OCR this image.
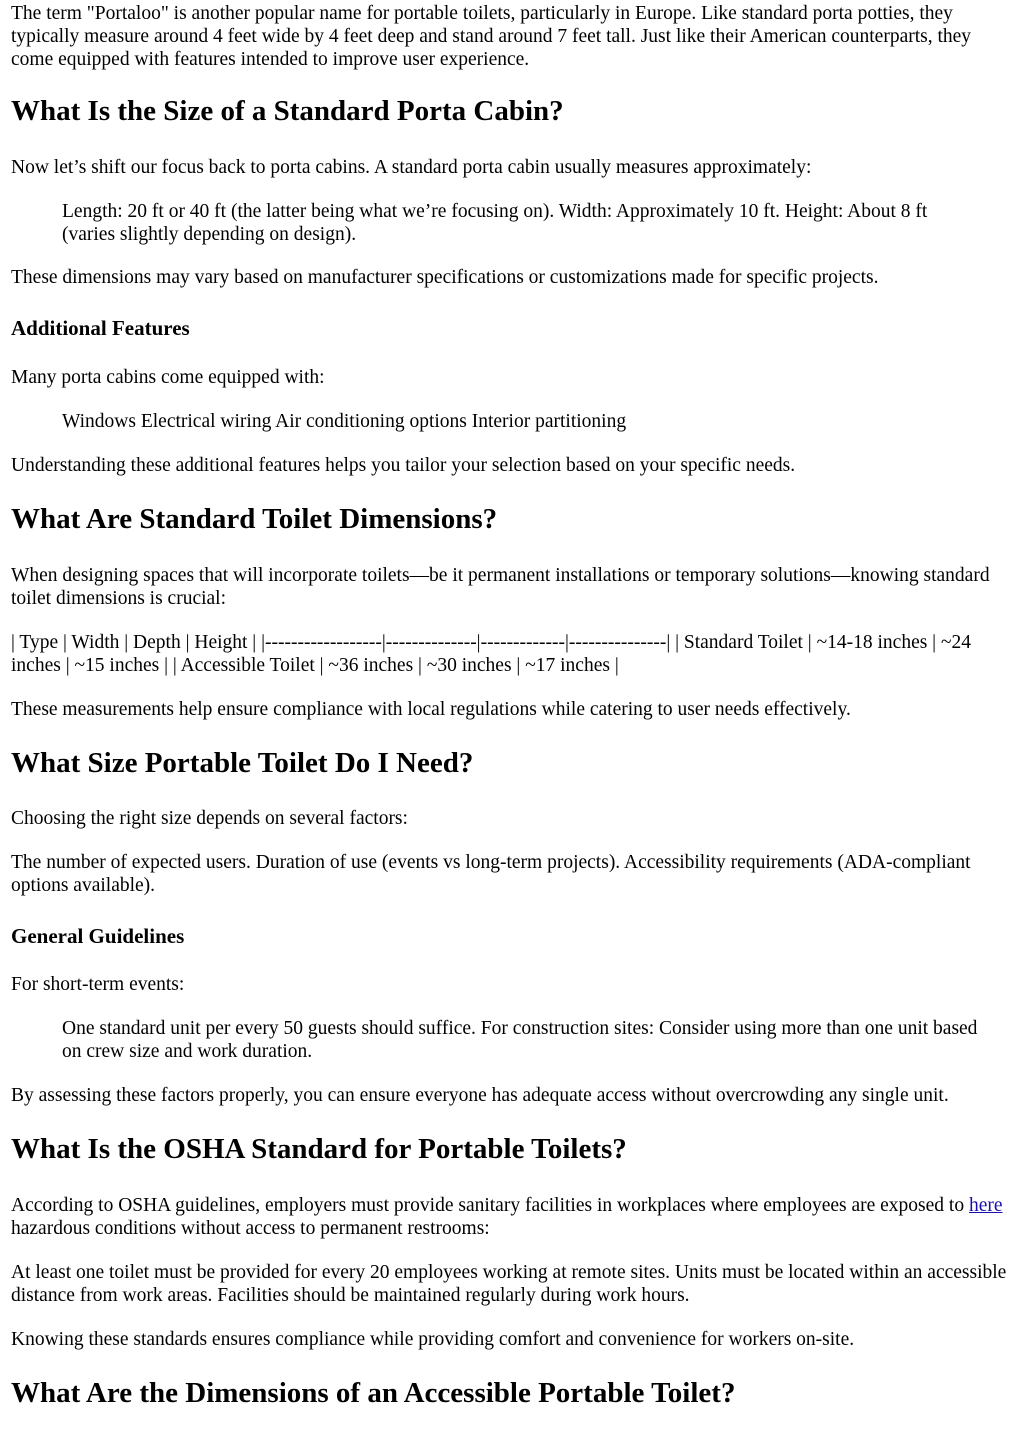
The term "Portaloo" is another popular name for portable toilets, particularly in Europe. Like standard porta potties, they typically measure around 4 feet wide by 4 feet deep and stand around 7 feet tall. Just like their American counterparts, they come equipped with features intended to improve user experience.

What Is the Size of a Standard Porta Cabin?

Now let’s shift our focus back to porta cabins. A standard porta cabin usually measures approximately:

Length: 20 ft or 40 ft (the latter being what we’re focusing on). Width: Approximately 10 ft. Height: About 8 ft (varies slightly depending on design).

These dimensions may vary based on manufacturer specifications or customizations made for specific projects.

Additional Features

Many porta cabins come equipped with:

Windows Electrical wiring Air conditioning options Interior partitioning

Understanding these additional features helps you tailor your selection based on your specific needs.

What Are Standard Toilet Dimensions?

When designing spaces that will incorporate toilets—be it permanent installations or temporary solutions—knowing standard toilet dimensions is crucial:

| Type | Width | Depth | Height | |------------------|--------------|-------------|---------------| | Standard Toilet | ~14-18 inches | ~24 inches | ~15 inches | | Accessible Toilet | ~36 inches | ~30 inches | ~17 inches |

These measurements help ensure compliance with local regulations while catering to user needs effectively.

What Size Portable Toilet Do I Need?

Choosing the right size depends on several factors:

The number of expected users. Duration of use (events vs long-term projects). Accessibility requirements (ADA-compliant options available).

General Guidelines

For short-term events:

One standard unit per every 50 guests should suffice. For construction sites: Consider using more than one unit based on crew size and work duration.

By assessing these factors properly, you can ensure everyone has adequate access without overcrowding any single unit.

What Is the OSHA Standard for Portable Toilets?

According to OSHA guidelines, employers must provide sanitary facilities in workplaces where employees are exposed to here hazardous conditions without access to permanent restrooms:

At least one toilet must be provided for every 20 employees working at remote sites. Units must be located within an accessible distance from work areas. Facilities should be maintained regularly during work hours.

Knowing these standards ensures compliance while providing comfort and convenience for workers on-site.

What Are the Dimensions of an Accessible Portable Toilet?
